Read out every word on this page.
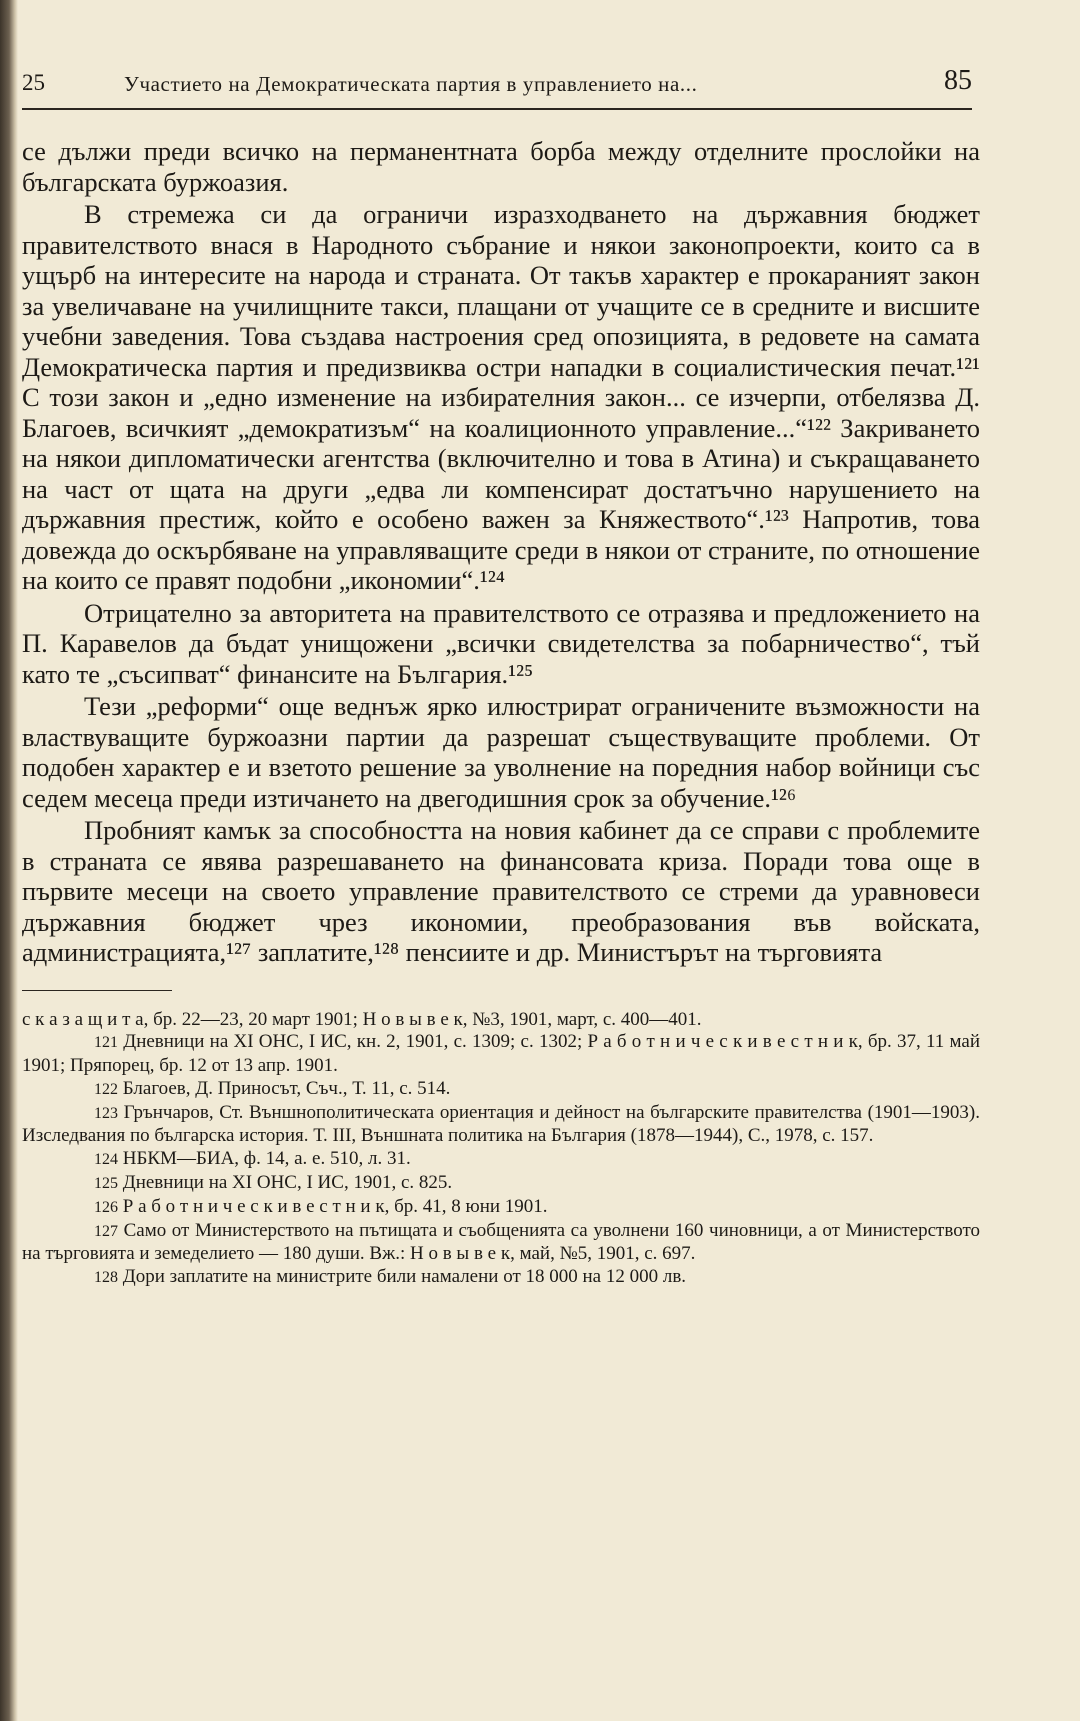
25	Участието на Демократическата партия в управлението на...	85

се дължи преди всичко на перманентната борба между отделните прослойки на българската буржоазия.

В стремежа си да ограничи изразходването на държавния бюджет правителството внася в Народното събрание и някои законопроекти, които са в ущърб на интересите на народа и страната. От такъв характер е прокараният закон за увеличаване на училищните такси, плащани от учащите се в средните и висшите учебни заведения. Това създава настроения сред опозицията, в редовете на самата Демократическа партия и предизвиква остри нападки в социалистическия печат.¹²¹ С този закон и „едно изменение на избирателния закон... се изчерпи, отбелязва Д. Благоев, всичкият „демократизъм“ на коалиционното управление...“¹²² Закриването на някои дипломатически агентства (включително и това в Атина) и съкращаването на част от щата на други „едва ли компенсират достатъчно нарушението на държавния престиж, който е особено важен за Княжеството“.¹²³ Напротив, това довежда до оскърбяване на управляващите среди в някои от страните, по отношение на които се правят подобни „икономии“.¹²⁴

Отрицателно за авторитета на правителството се отразява и предложението на П. Каравелов да бъдат унищожени „всички свидетелства за побарничество“, тъй като те „съсипват“ финансите на България.¹²⁵

Тези „реформи“ още веднъж ярко илюстрират ограничените възможности на властвуващите буржоазни партии да разрешат съществуващите проблеми. От подобен характер е и взетото решение за уволнение на поредния набор войници със седем месеца преди изтичането на двегодишния срок за обучение.¹²⁶

Пробният камък за способността на новия кабинет да се справи с проблемите в страната се явява разрешаването на финансовата криза. Поради това още в първите месеци на своето управление правителството се стреми да уравновеси държавния бюджет чрез икономии, преобразования във войската, администрацията,¹²⁷ заплатите,¹²⁸ пенсиите и др. Министърът на търговията

с к а з а щ и т а, бр. 22—23, 20 март 1901; Н о в ы в е к, №3, 1901, март, с. 400—401.

121 Дневници на XI ОНС, I ИС, кн. 2, 1901, с. 1309; с. 1302; Р а б о т н и ч е с к и в е с т н и к, бр. 37, 11 май 1901; Пряпорец, бр. 12 от 13 апр. 1901.

122 Благоев, Д. Приносът, Съч., Т. 11, с. 514.

123 Грънчаров, Ст. Външнополитическата ориентация и дейност на българските правителства (1901—1903). Изследвания по българска история. Т. III, Външната политика на България (1878—1944), С., 1978, с. 157.

124 НБКМ—БИА, ф. 14, а. е. 510, л. 31.

125 Дневници на XI ОНС, I ИС, 1901, с. 825.

126 Р а б о т н и ч е с к и в е с т н и к, бр. 41, 8 юни 1901.

127 Само от Министерството на пътищата и съобщенията са уволнени 160 чиновници, а от Министерството на търговията и земеделието — 180 души. Вж.: Н о в ы в е к, май, №5, 1901, с. 697.

128 Дори заплатите на министрите били намалени от 18 000 на 12 000 лв.
